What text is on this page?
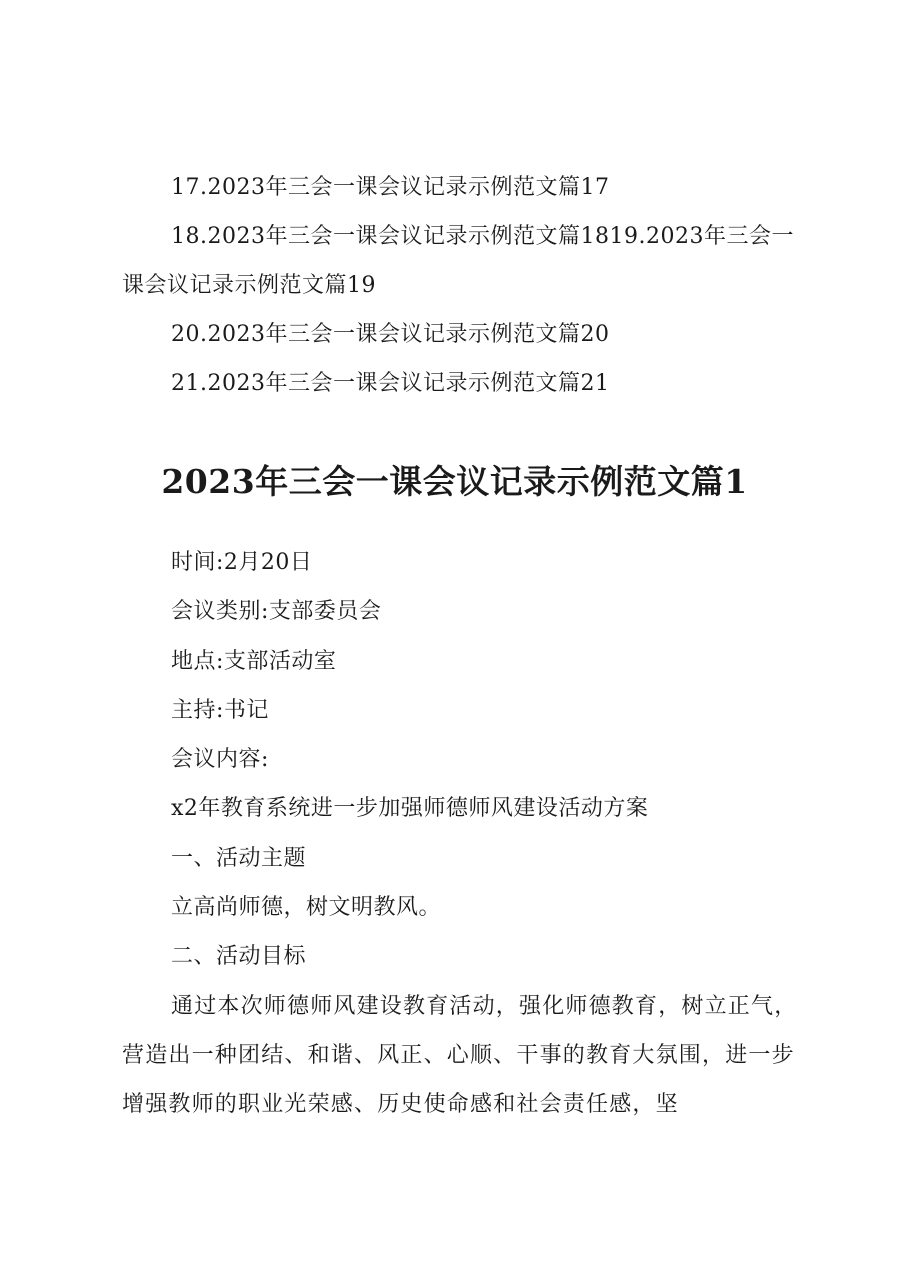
17.2023年三会一课会议记录示例范文篇17
18.2023年三会一课会议记录示例范文篇1819.2023年三会一课会议记录示例范文篇19
20.2023年三会一课会议记录示例范文篇20
21.2023年三会一课会议记录示例范文篇21
2023年三会一课会议记录示例范文篇1
时间:2月20日
会议类别:支部委员会
地点:支部活动室
主持:书记
会议内容:
x2年教育系统进一步加强师德师风建设活动方案
一、活动主题
立高尚师德，树文明教风。
二、活动目标
通过本次师德师风建设教育活动，强化师德教育，树立正气，营造出一种团结、和谐、风正、心顺、干事的教育大氛围，进一步增强教师的职业光荣感、历史使命感和社会责任感，坚
